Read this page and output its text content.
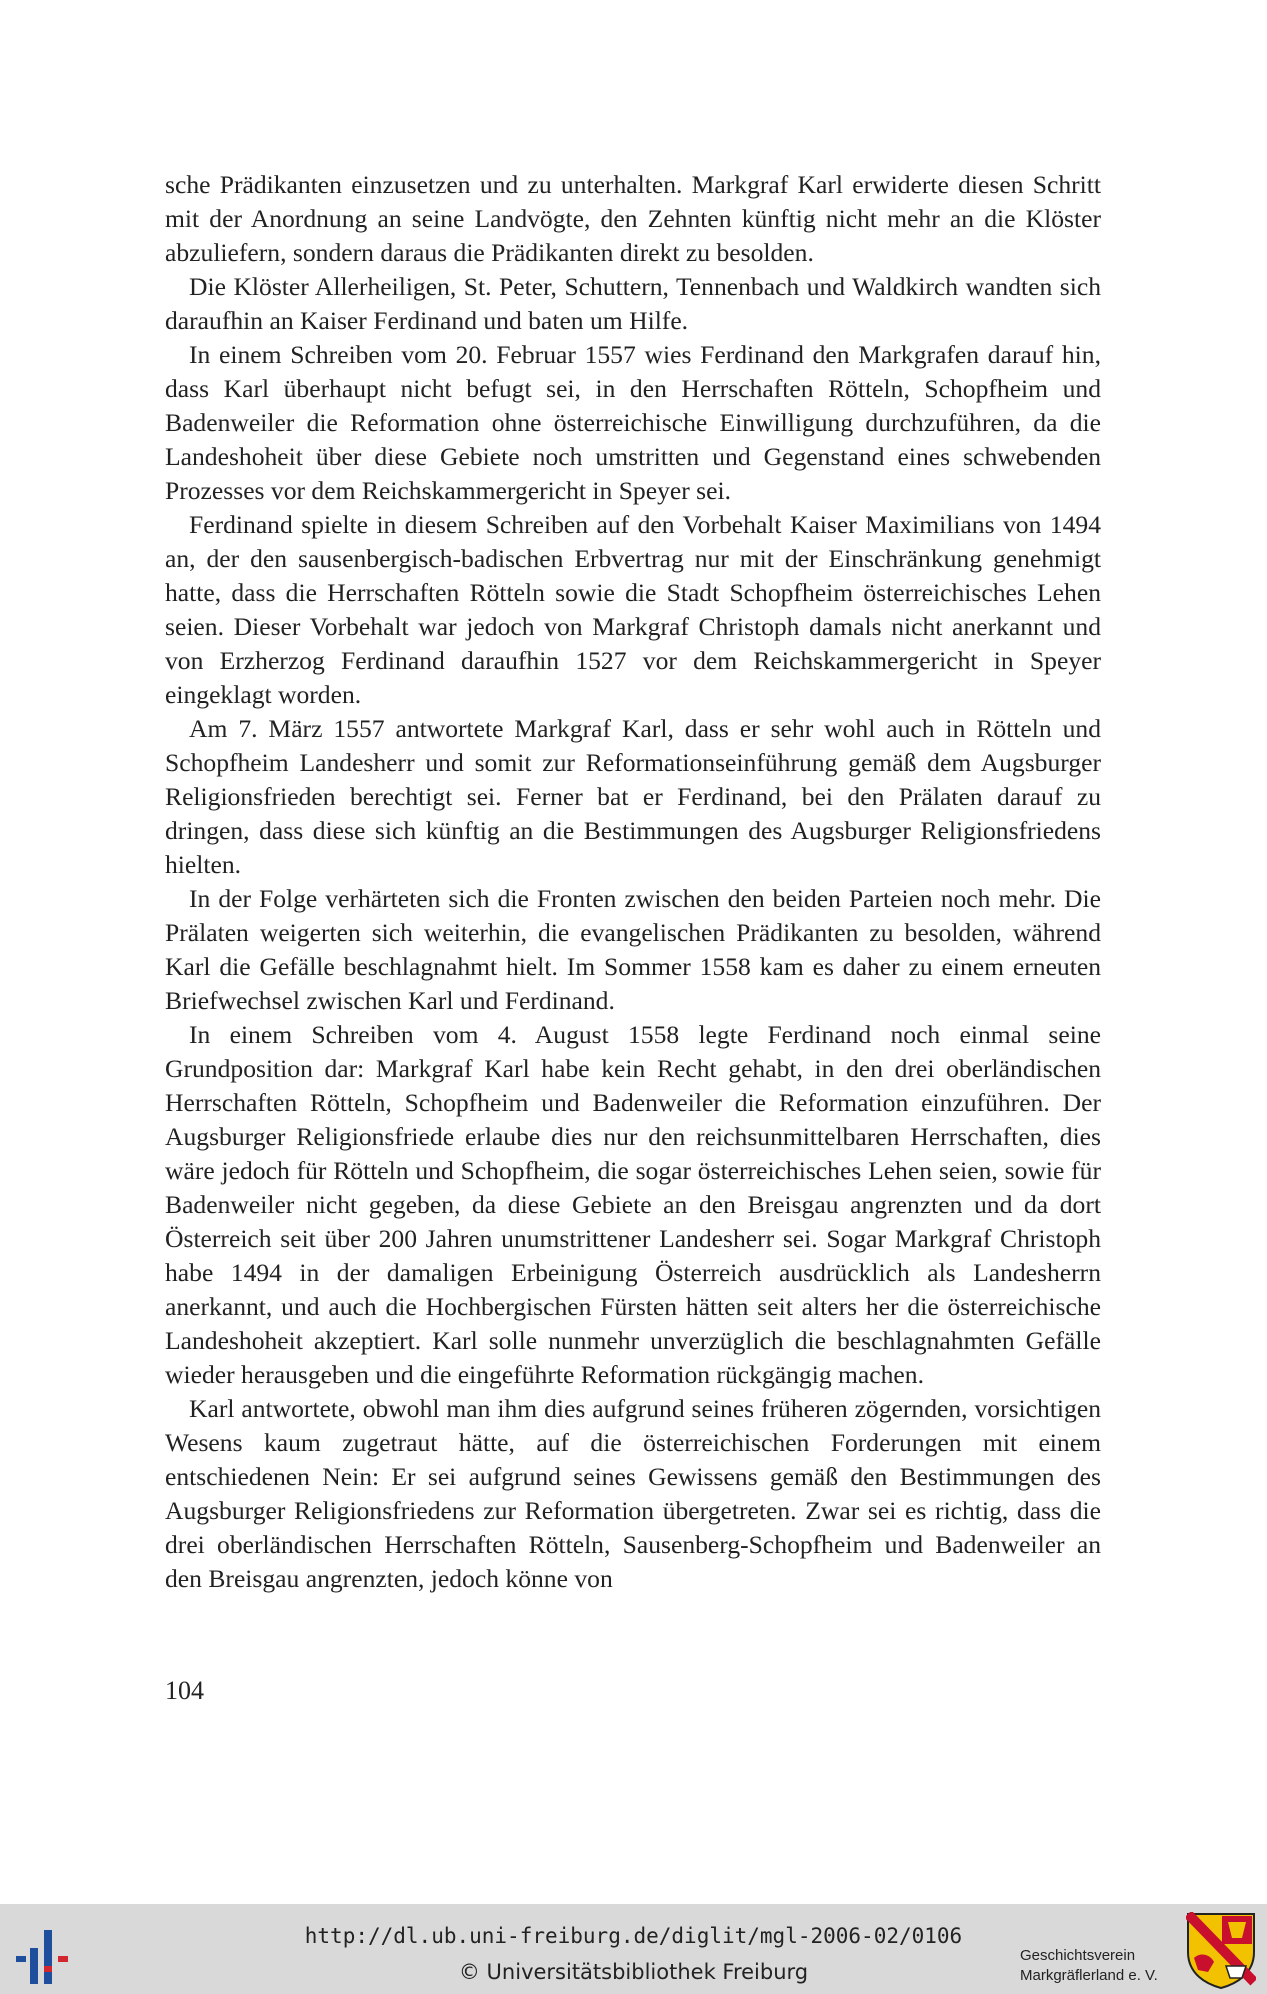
sche Prädikanten einzusetzen und zu unterhalten. Markgraf Karl erwiderte diesen Schritt mit der Anordnung an seine Landvögte, den Zehnten künftig nicht mehr an die Klöster abzuliefern, sondern daraus die Prädikanten direkt zu besolden.

Die Klöster Allerheiligen, St. Peter, Schuttern, Tennenbach und Waldkirch wandten sich daraufhin an Kaiser Ferdinand und baten um Hilfe.

In einem Schreiben vom 20. Februar 1557 wies Ferdinand den Markgrafen darauf hin, dass Karl überhaupt nicht befugt sei, in den Herrschaften Rötteln, Schopfheim und Badenweiler die Reformation ohne österreichische Einwilligung durchzuführen, da die Landeshoheit über diese Gebiete noch umstritten und Gegenstand eines schwebenden Prozesses vor dem Reichskammergericht in Speyer sei.

Ferdinand spielte in diesem Schreiben auf den Vorbehalt Kaiser Maximilians von 1494 an, der den sausenbergisch-badischen Erbvertrag nur mit der Einschränkung genehmigt hatte, dass die Herrschaften Rötteln sowie die Stadt Schopfheim österreichisches Lehen seien. Dieser Vorbehalt war jedoch von Markgraf Christoph damals nicht anerkannt und von Erzherzog Ferdinand daraufhin 1527 vor dem Reichskammergericht in Speyer eingeklagt worden.

Am 7. März 1557 antwortete Markgraf Karl, dass er sehr wohl auch in Rötteln und Schopfheim Landesherr und somit zur Reformationseinführung gemäß dem Augsburger Religionsfrieden berechtigt sei. Ferner bat er Ferdinand, bei den Prälaten darauf zu dringen, dass diese sich künftig an die Bestimmungen des Augsburger Religionsfriedens hielten.

In der Folge verhärteten sich die Fronten zwischen den beiden Parteien noch mehr. Die Prälaten weigerten sich weiterhin, die evangelischen Prädikanten zu besolden, während Karl die Gefälle beschlagnahmt hielt. Im Sommer 1558 kam es daher zu einem erneuten Briefwechsel zwischen Karl und Ferdinand.

In einem Schreiben vom 4. August 1558 legte Ferdinand noch einmal seine Grundposition dar: Markgraf Karl habe kein Recht gehabt, in den drei oberländischen Herrschaften Rötteln, Schopfheim und Badenweiler die Reformation einzuführen. Der Augsburger Religionsfriede erlaube dies nur den reichsunmittelbaren Herrschaften, dies wäre jedoch für Rötteln und Schopfheim, die sogar österreichisches Lehen seien, sowie für Badenweiler nicht gegeben, da diese Gebiete an den Breisgau angrenzten und da dort Österreich seit über 200 Jahren unumstrittener Landesherr sei. Sogar Markgraf Christoph habe 1494 in der damaligen Erbeinigung Österreich ausdrücklich als Landesherrn anerkannt, und auch die Hochbergischen Fürsten hätten seit alters her die österreichische Landeshoheit akzeptiert. Karl solle nunmehr unverzüglich die beschlagnahmten Gefälle wieder herausgeben und die eingeführte Reformation rückgängig machen.

Karl antwortete, obwohl man ihm dies aufgrund seines früheren zögernden, vorsichtigen Wesens kaum zugetraut hätte, auf die österreichischen Forderungen mit einem entschiedenen Nein: Er sei aufgrund seines Gewissens gemäß den Bestimmungen des Augsburger Religionsfriedens zur Reformation übergetreten. Zwar sei es richtig, dass die drei oberländischen Herrschaften Rötteln, Sausenberg-Schopfheim und Badenweiler an den Breisgau angrenzten, jedoch könne von

104
http://dl.ub.uni-freiburg.de/diglit/mgl-2006-02/0106
© Universitätsbibliothek Freiburg
Geschichtsverein
Markgräflerland e. V.
